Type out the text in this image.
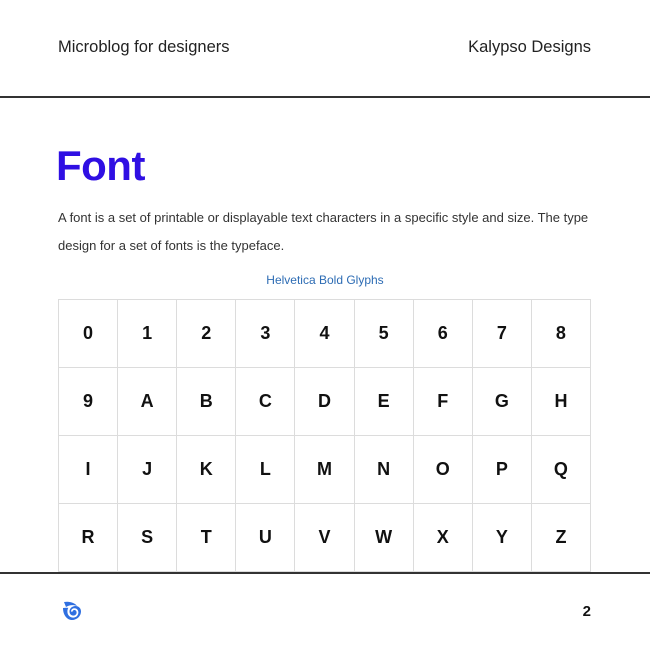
Microblog for designers	Kalypso Designs
Font

A font is a set of printable or displayable text characters in a specific style and size. The type design for a set of fonts is the typeface.

Helvetica Bold Glyphs
0	1	2	3	4	5	6	7	8
9	A	B	C	D	E	F	G	H
I	J	K	L	M	N	O	P	Q
R	S	T	U	V	W	X	Y	Z
2
